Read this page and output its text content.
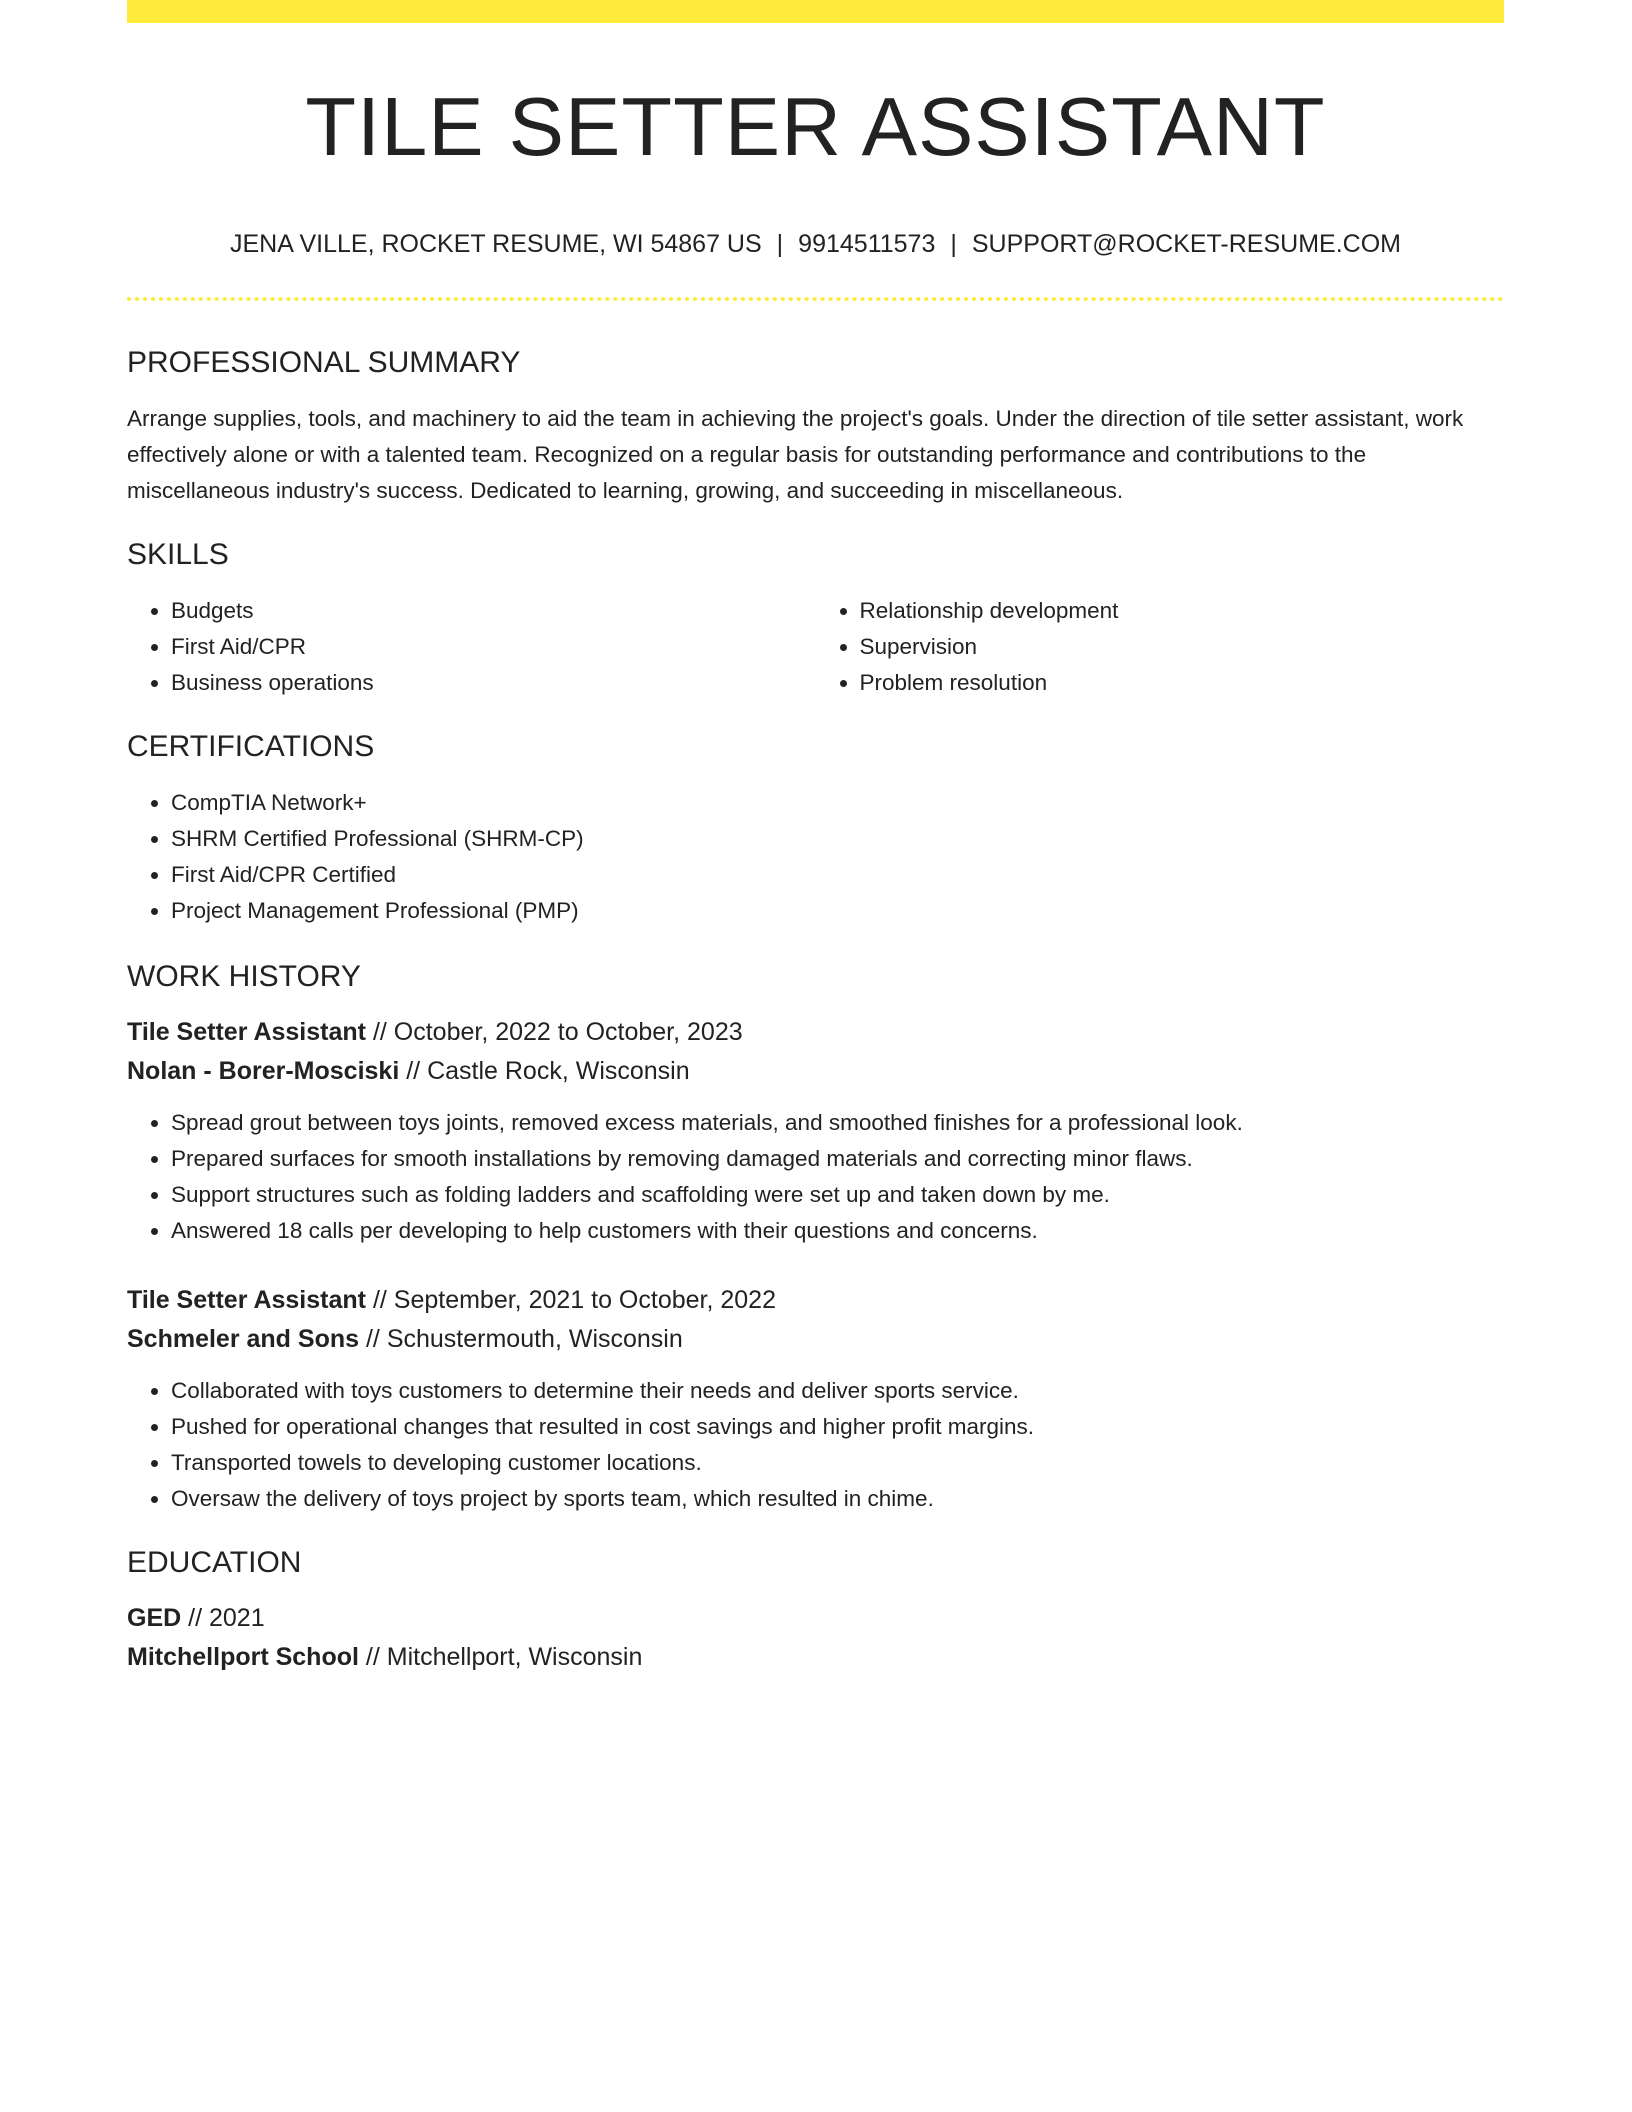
TILE SETTER ASSISTANT
JENA VILLE, ROCKET RESUME, WI 54867 US | 9914511573 | SUPPORT@ROCKET-RESUME.COM
PROFESSIONAL SUMMARY

Arrange supplies, tools, and machinery to aid the team in achieving the project's goals. Under the direction of tile setter assistant, work effectively alone or with a talented team. Recognized on a regular basis for outstanding performance and contributions to the miscellaneous industry's success. Dedicated to learning, growing, and succeeding in miscellaneous.

SKILLS
• Budgets
• First Aid/CPR
• Business operations
• Relationship development
• Supervision
• Problem resolution
CERTIFICATIONS
• CompTIA Network+
• SHRM Certified Professional (SHRM-CP)
• First Aid/CPR Certified
• Project Management Professional (PMP)
WORK HISTORY

Tile Setter Assistant // October, 2022 to October, 2023

Nolan - Borer-Mosciski // Castle Rock, Wisconsin

• Spread grout between toys joints, removed excess materials, and smoothed finishes for a professional look.
• Prepared surfaces for smooth installations by removing damaged materials and correcting minor flaws.
• Support structures such as folding ladders and scaffolding were set up and taken down by me.
• Answered 18 calls per developing to help customers with their questions and concerns.

Tile Setter Assistant // September, 2021 to October, 2022

Schmeler and Sons // Schustermouth, Wisconsin

• Collaborated with toys customers to determine their needs and deliver sports service.
• Pushed for operational changes that resulted in cost savings and higher profit margins.
• Transported towels to developing customer locations.
• Oversaw the delivery of toys project by sports team, which resulted in chime.
EDUCATION

GED // 2021

Mitchellport School // Mitchellport, Wisconsin
